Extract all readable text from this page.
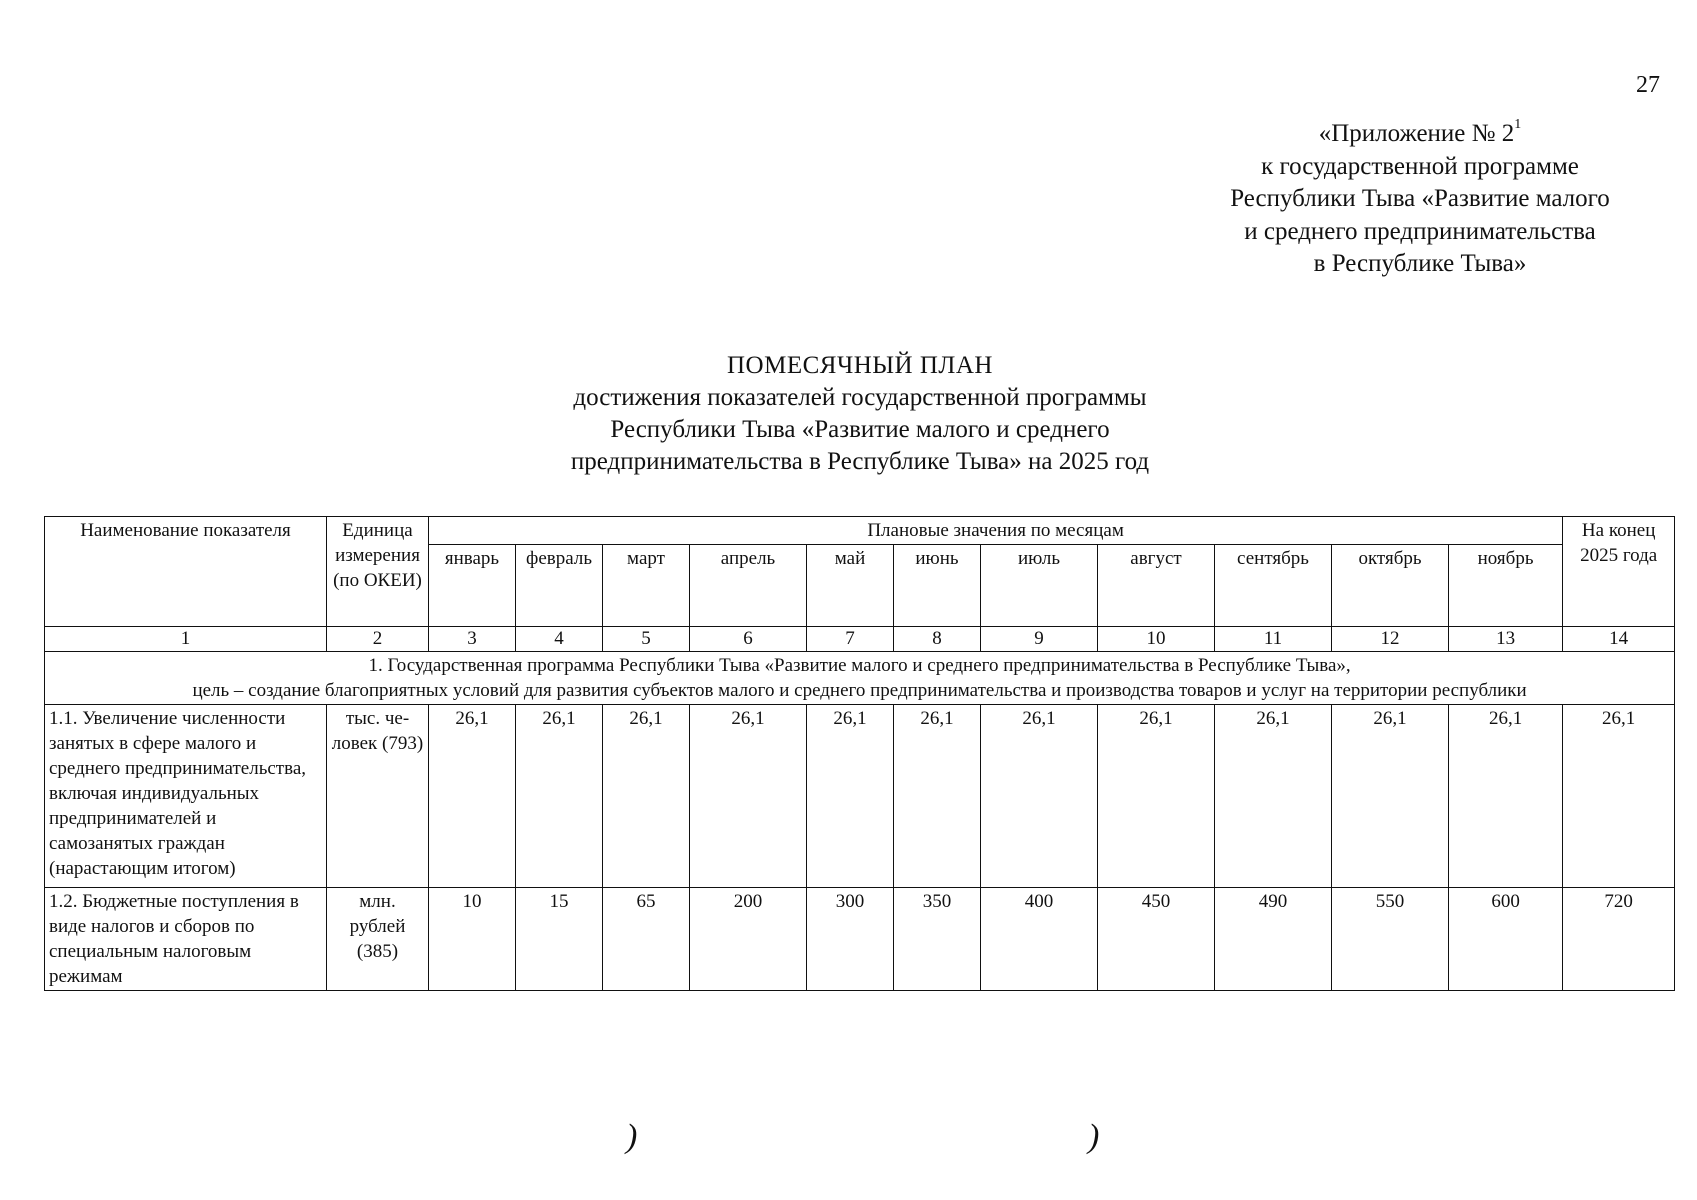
27
«Приложение № $2^1$
к государственной программе
Республики Тыва «Развитие малого
и среднего предпринимательства
в Республике Тыва»
ПОМЕСЯЧНЫЙ ПЛАН
достижения показателей государственной программы
Республики Тыва «Развитие малого и среднего
предпринимательства в Республике Тыва» на 2025 год
Наименование показателя	Единица измерения (по ОКЕИ)	Плановые значения по месяцам											На конец 2025 года
		январь	февраль	март	апрель	май	июнь	июль	август	сентябрь	октябрь	ноябрь	
1	2	3	4	5	6	7	8	9	10	11	12	13	14

1. Государственная программа Республики Тыва «Развитие малого и среднего предпринимательства в Республике Тыва»,
цель – создание благоприятных условий для развития субъектов малого и среднего предпринимательства и производства товаров и услуг на территории республики													

1.1. Увеличение численности занятых в сфере малого и среднего предпринимательства, включая индивидуальных предпринимателей и самозанятых граждан (нарастающим итогом)	тыс. человек (793)	26,1	26,1	26,1	26,1	26,1	26,1	26,1	26,1	26,1	26,1	26,1	26,1
1.2. Бюджетные поступления в виде налогов и сборов по специальным налоговым режимам	млн. рублей (385)	10	15	65	200	300	350	400	450	490	550	600	720
)	)
